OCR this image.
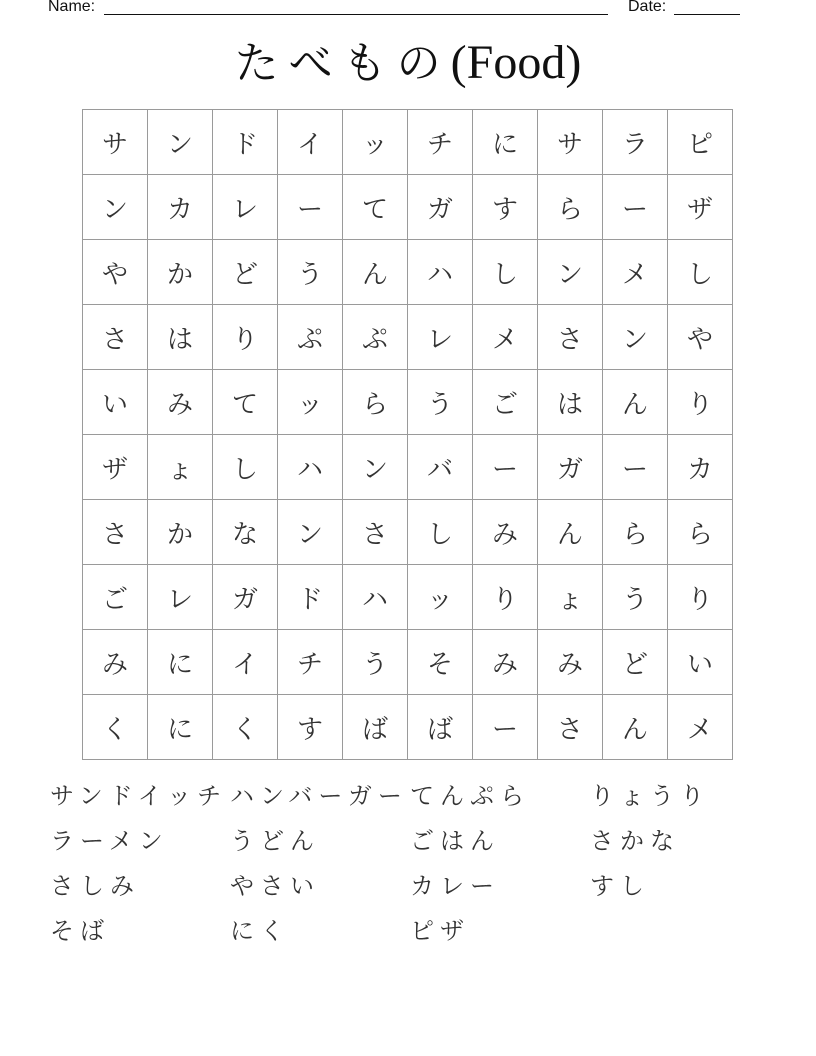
Name:	Date:
たべもの(Food)
サ	ン	ド	イ	ッ	チ	に	サ	ラ	ピ
ン	カ	レ	ー	て	ガ	す	ら	ー	ザ
や	か	ど	う	ん	ハ	し	ン	メ	し
さ	は	り	ぷ	ぷ	レ	メ	さ	ン	や
い	み	て	ッ	ら	う	ご	は	ん	り
ザ	ょ	し	ハ	ン	バ	ー	ガ	ー	カ
さ	か	な	ン	さ	し	み	ん	ら	ら
ご	レ	ガ	ド	ハ	ッ	り	ょ	う	り
み	に	イ	チ	う	そ	み	み	ど	い
く	に	く	す	ば	ば	ー	さ	ん	メ
サンドイッチ ハンバーガー てんぷら	りょうり
ラーメン	うどん	ごはん	さかな
さしみ	やさい	カレー	すし
そば	にく	ピザ
